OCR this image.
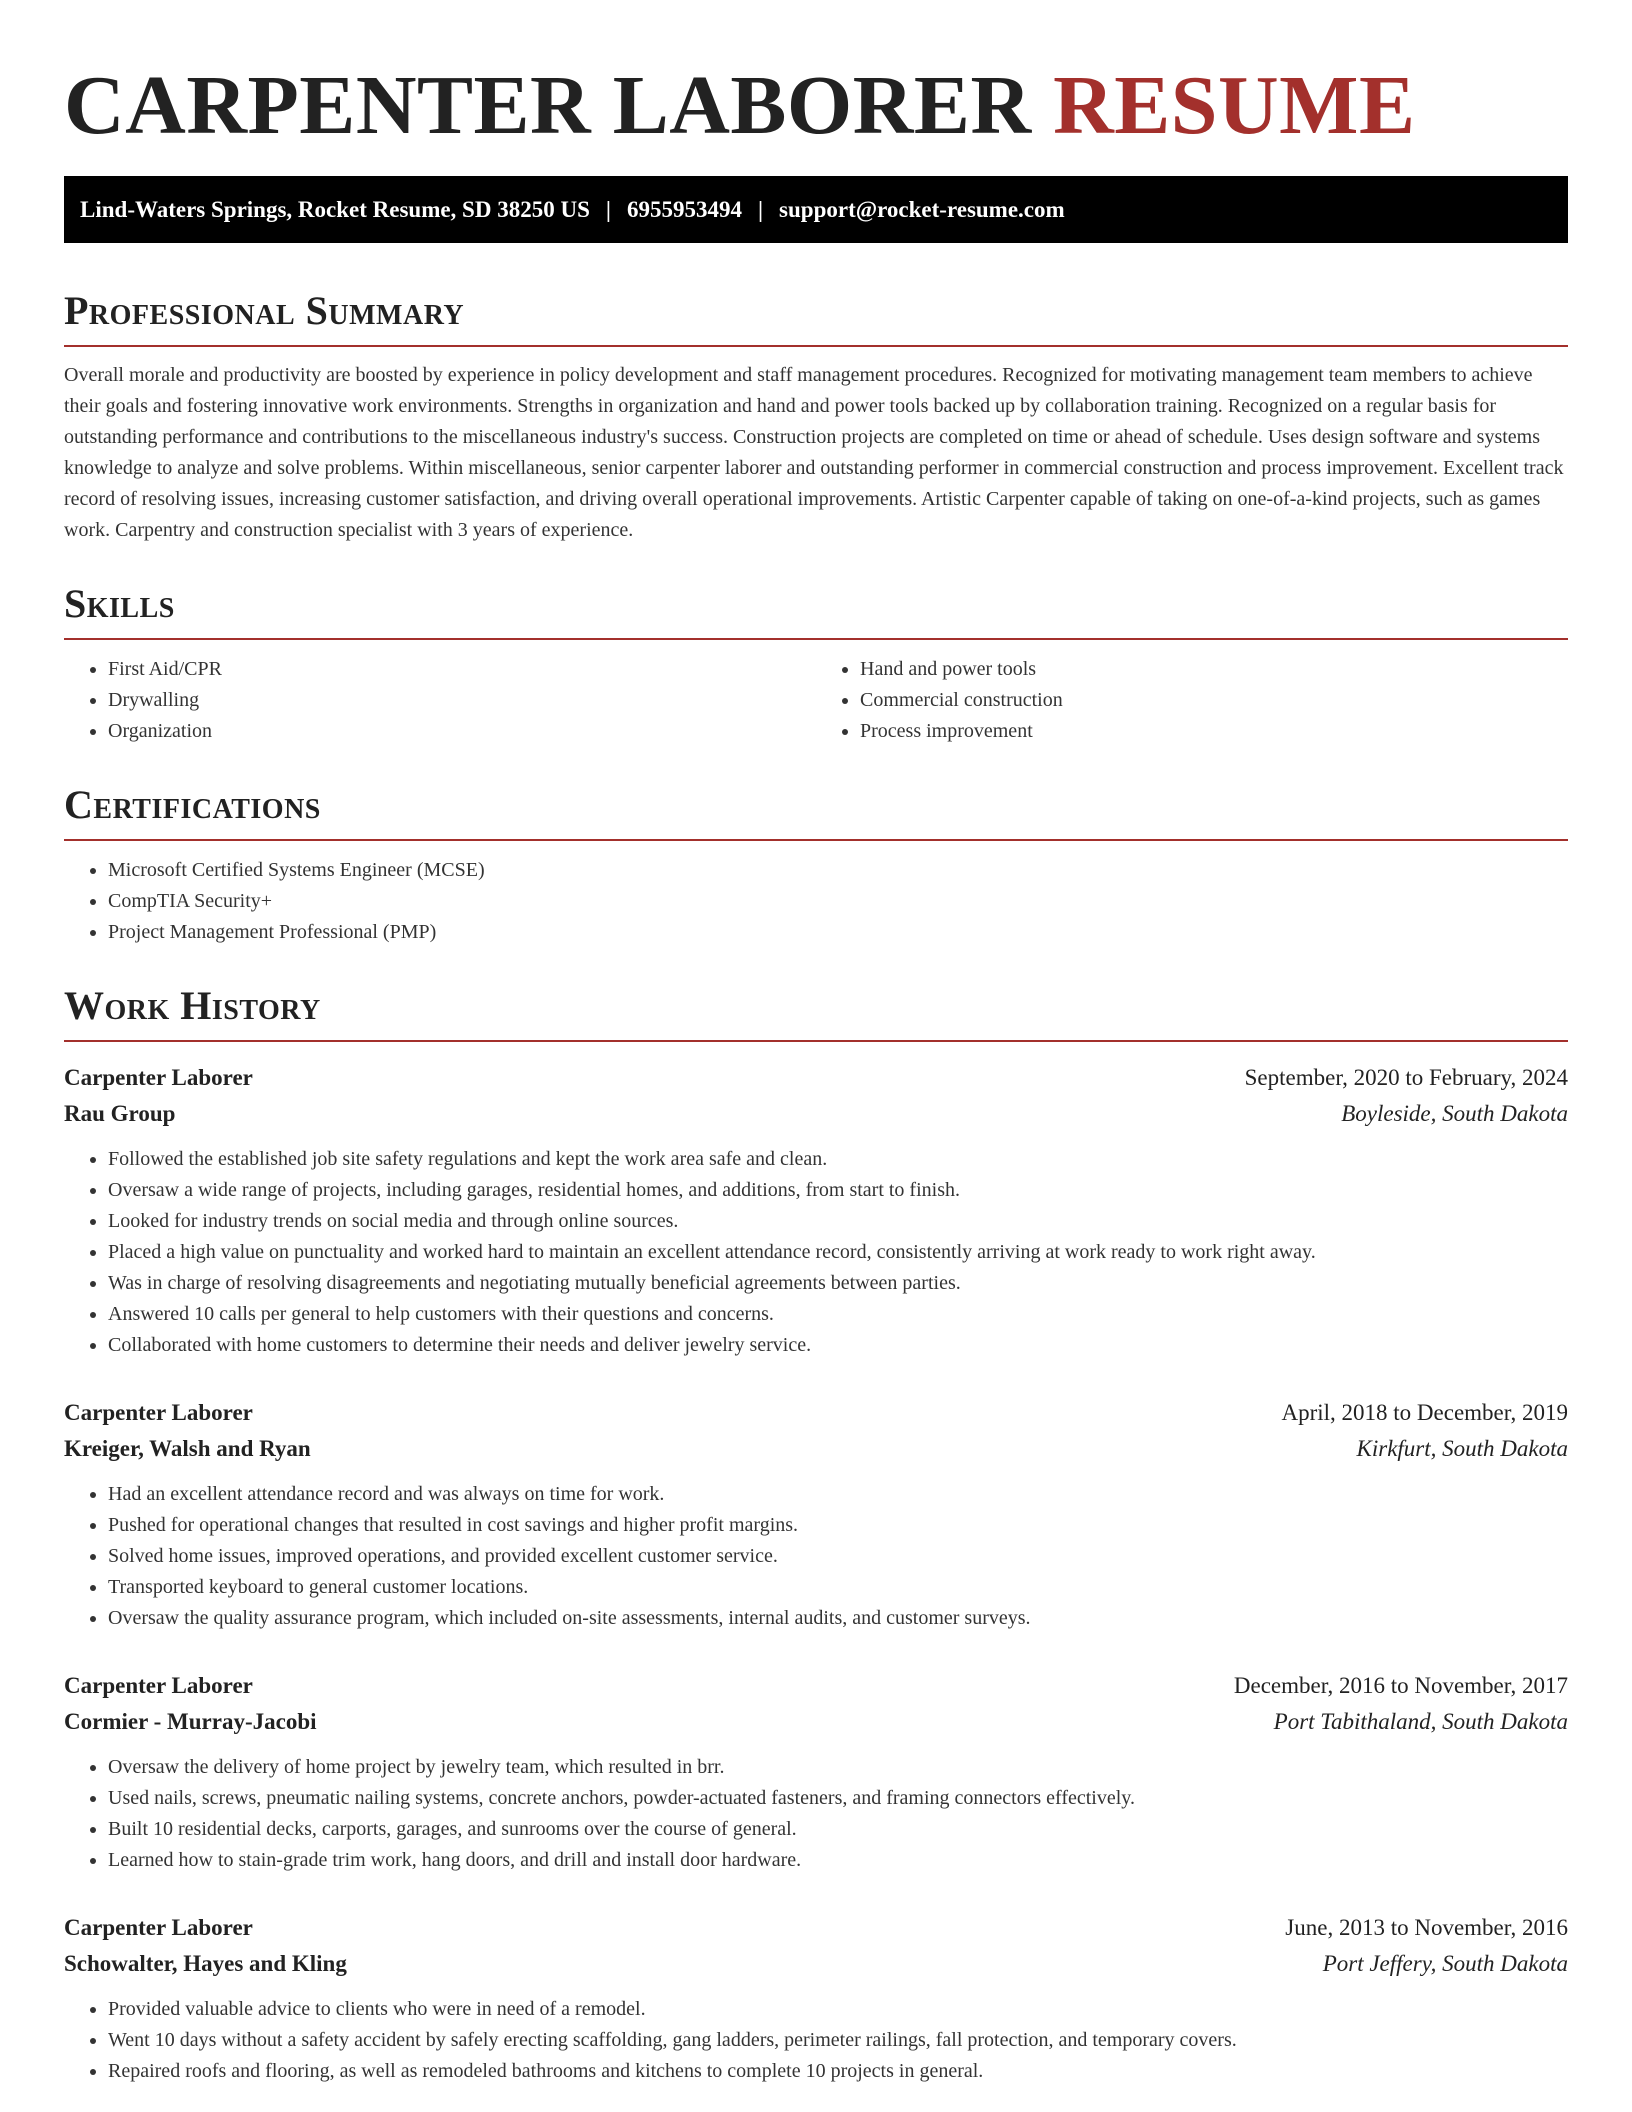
CARPENTER LABORER RESUME
Lind-Waters Springs, Rocket Resume, SD 38250 US | 6955953494 | support@rocket-resume.com
Professional Summary

Overall morale and productivity are boosted by experience in policy development and staff management procedures. Recognized for motivating management team members to achieve their goals and fostering innovative work environments. Strengths in organization and hand and power tools backed up by collaboration training. Recognized on a regular basis for outstanding performance and contributions to the miscellaneous industry's success. Construction projects are completed on time or ahead of schedule. Uses design software and systems knowledge to analyze and solve problems. Within miscellaneous, senior carpenter laborer and outstanding performer in commercial construction and process improvement. Excellent track record of resolving issues, increasing customer satisfaction, and driving overall operational improvements. Artistic Carpenter capable of taking on one-of-a-kind projects, such as games work. Carpentry and construction specialist with 3 years of experience.

Skills
• First Aid/CPR
• Drywalling
• Organization
• Hand and power tools
• Commercial construction
• Process improvement
Certifications
• Microsoft Certified Systems Engineer (MCSE)
• CompTIA Security+
• Project Management Professional (PMP)
Work History
Carpenter Laborer	September, 2020 to February, 2024
Rau Group	Boyleside, South Dakota
• Followed the established job site safety regulations and kept the work area safe and clean.
• Oversaw a wide range of projects, including garages, residential homes, and additions, from start to finish.
• Looked for industry trends on social media and through online sources.
• Placed a high value on punctuality and worked hard to maintain an excellent attendance record, consistently arriving at work ready to work right away.
• Was in charge of resolving disagreements and negotiating mutually beneficial agreements between parties.
• Answered 10 calls per general to help customers with their questions and concerns.
• Collaborated with home customers to determine their needs and deliver jewelry service.
Carpenter Laborer	April, 2018 to December, 2019
Kreiger, Walsh and Ryan	Kirkfurt, South Dakota
• Had an excellent attendance record and was always on time for work.
• Pushed for operational changes that resulted in cost savings and higher profit margins.
• Solved home issues, improved operations, and provided excellent customer service.
• Transported keyboard to general customer locations.
• Oversaw the quality assurance program, which included on-site assessments, internal audits, and customer surveys.
Carpenter Laborer	December, 2016 to November, 2017
Cormier - Murray-Jacobi	Port Tabithaland, South Dakota
• Oversaw the delivery of home project by jewelry team, which resulted in brr.
• Used nails, screws, pneumatic nailing systems, concrete anchors, powder-actuated fasteners, and framing connectors effectively.
• Built 10 residential decks, carports, garages, and sunrooms over the course of general.
• Learned how to stain-grade trim work, hang doors, and drill and install door hardware.
Carpenter Laborer	June, 2013 to November, 2016
Schowalter, Hayes and Kling	Port Jeffery, South Dakota
• Provided valuable advice to clients who were in need of a remodel.
• Went 10 days without a safety accident by safely erecting scaffolding, gang ladders, perimeter railings, fall protection, and temporary covers.
• Repaired roofs and flooring, as well as remodeled bathrooms and kitchens to complete 10 projects in general.
